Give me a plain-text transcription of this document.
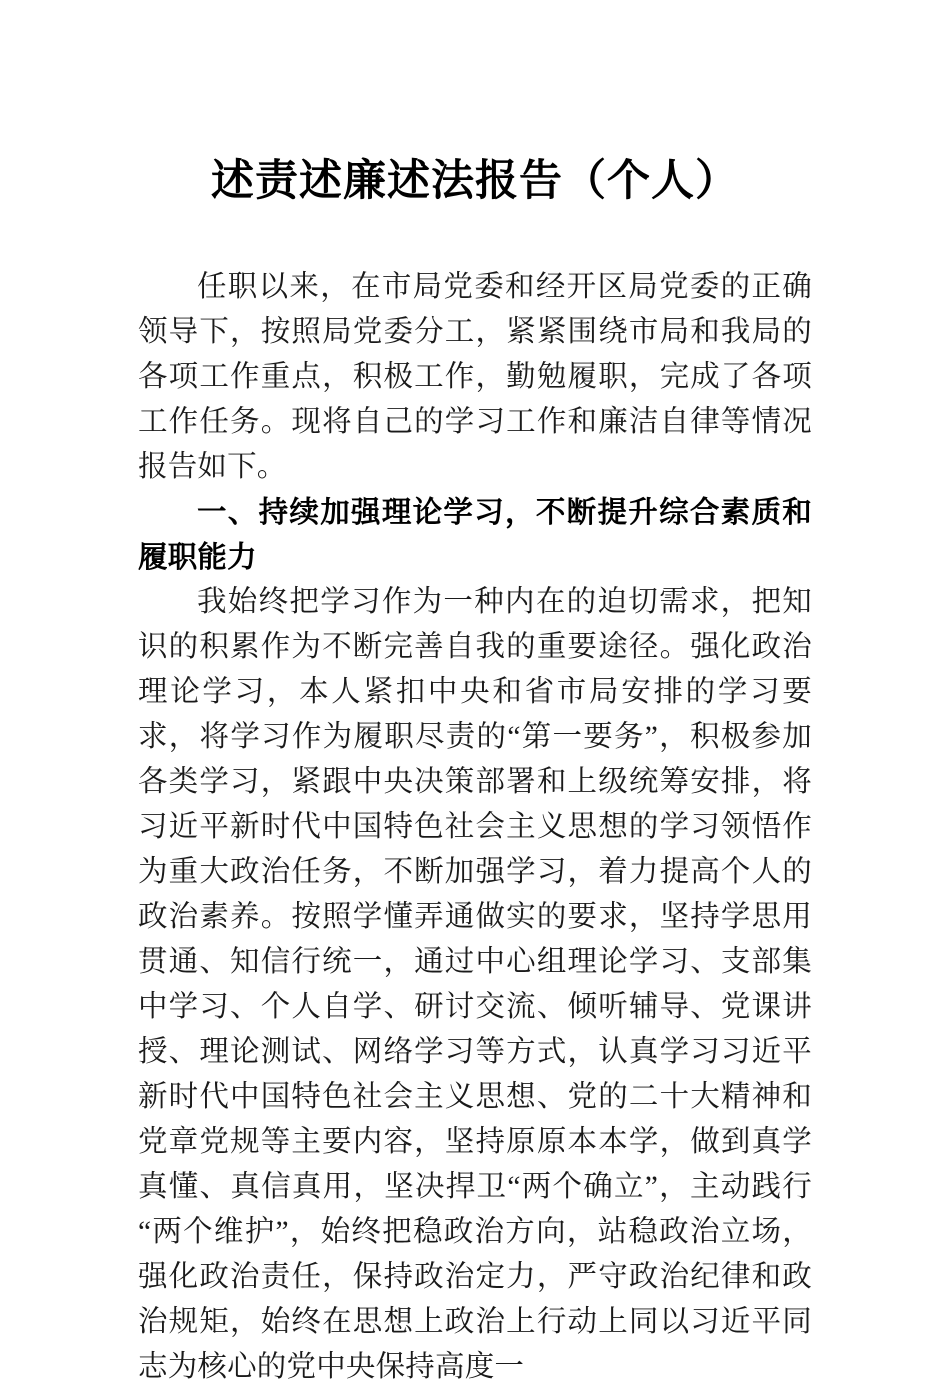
述责述廉述法报告（个人）

任职以来，在市局党委和经开区局党委的正确领导下，按照局党委分工，紧紧围绕市局和我局的各项工作重点，积极工作，勤勉履职，完成了各项工作任务。现将自己的学习工作和廉洁自律等情况报告如下。

一、持续加强理论学习，不断提升综合素质和履职能力

我始终把学习作为一种内在的迫切需求，把知识的积累作为不断完善自我的重要途径。强化政治理论学习，本人紧扣中央和省市局安排的学习要求，将学习作为履职尽责的“第一要务”，积极参加各类学习，紧跟中央决策部署和上级统筹安排，将习近平新时代中国特色社会主义思想的学习领悟作为重大政治任务，不断加强学习，着力提高个人的政治素养。按照学懂弄通做实的要求，坚持学思用贯通、知信行统一，通过中心组理论学习、支部集中学习、个人自学、研讨交流、倾听辅导、党课讲授、理论测试、网络学习等方式，认真学习习近平新时代中国特色社会主义思想、党的二十大精神和党章党规等主要内容，坚持原原本本学，做到真学真懂、真信真用，坚决捍卫“两个确立”，主动践行“两个维护”，始终把稳政治方向，站稳政治立场，强化政治责任，保持政治定力，严守政治纪律和政治规矩，始终在思想上政治上行动上同以习近平同志为核心的党中央保持高度一
